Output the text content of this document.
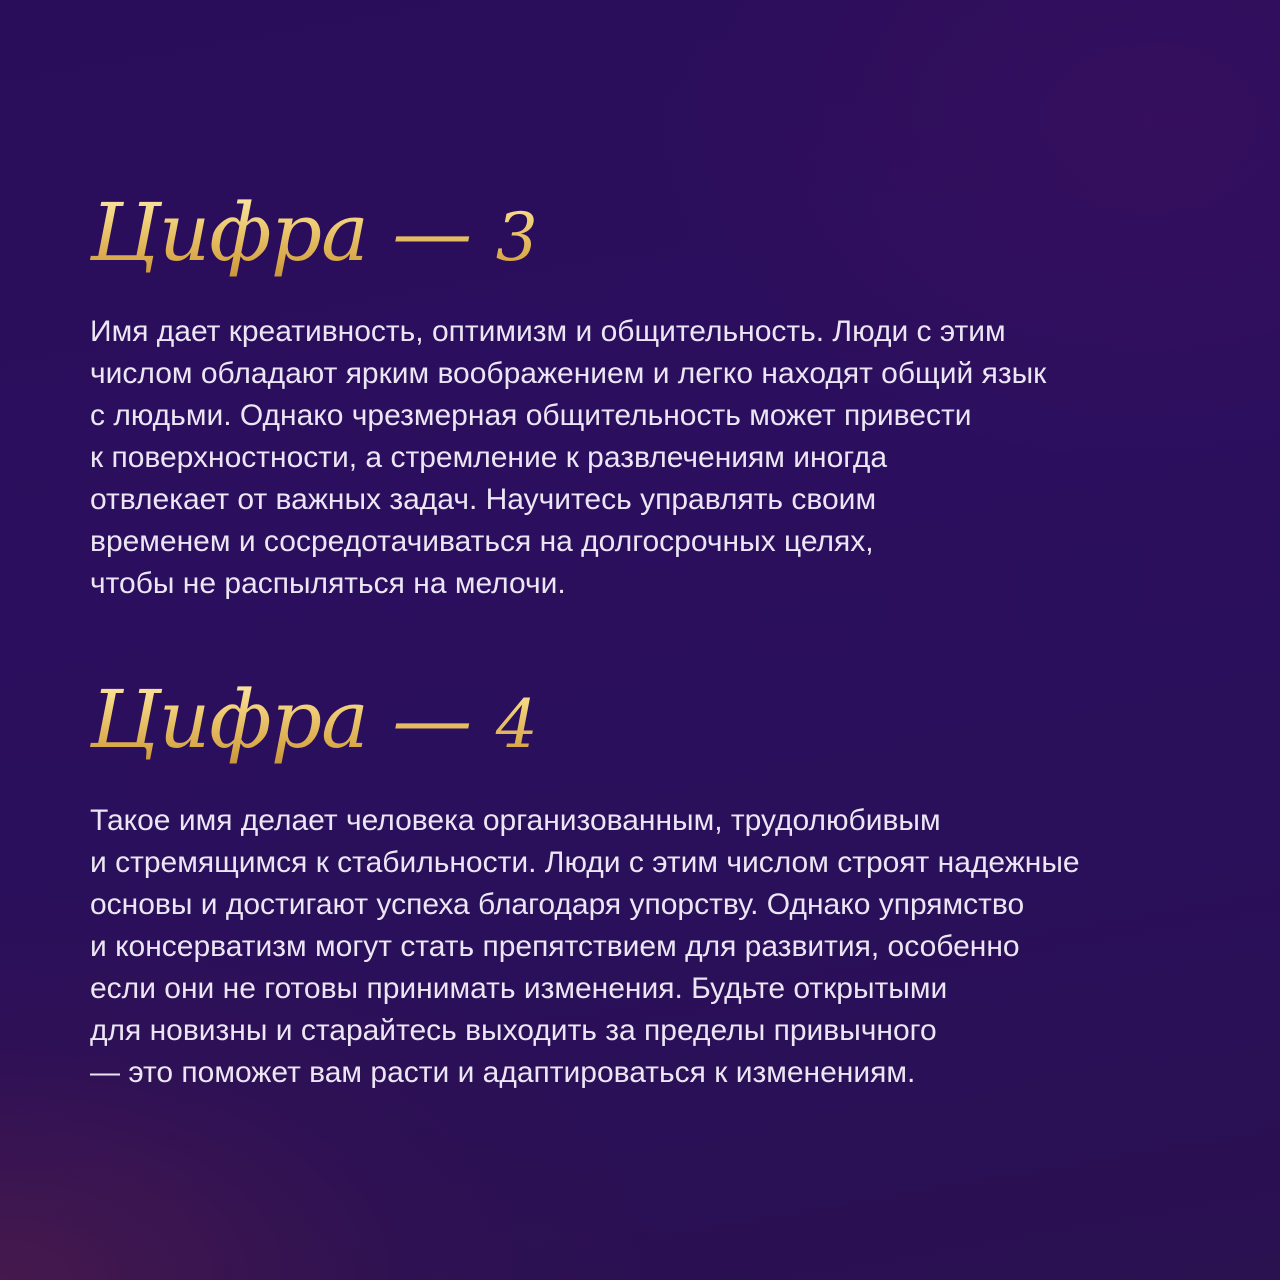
Цифра — 3

Имя дает креативность, оптимизм и общительность. Люди с этим
числом обладают ярким воображением и легко находят общий язык
с людьми. Однако чрезмерная общительность может привести
к поверхностности, а стремление к развлечениям иногда
отвлекает от важных задач. Научитесь управлять своим
временем и сосредотачиваться на долгосрочных целях,
чтобы не распыляться на мелочи.

Цифра — 4

Такое имя делает человека организованным, трудолюбивым
и стремящимся к стабильности. Люди с этим числом строят надежные
основы и достигают успеха благодаря упорству. Однако упрямство
и консерватизм могут стать препятствием для развития, особенно
если они не готовы принимать изменения. Будьте открытыми
для новизны и старайтесь выходить за пределы привычного
— это поможет вам расти и адаптироваться к изменениям.
